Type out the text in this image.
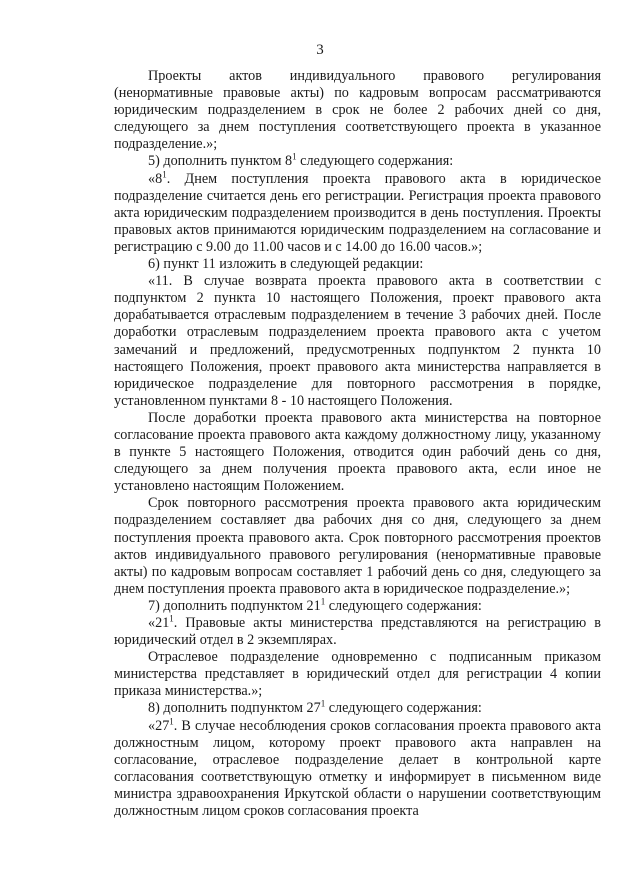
3

Проекты актов индивидуального правового регулирования (ненормативные правовые акты) по кадровым вопросам рассматриваются юридическим подразделением в срок не более 2 рабочих дней со дня, следующего за днем поступления соответствующего проекта в указанное подразделение.»;

5) дополнить пунктом $8^1$ следующего содержания:

«$8^1$. Днем поступления проекта правового акта в юридическое подразделение считается день его регистрации. Регистрация проекта правового акта юридическим подразделением производится в день поступления. Проекты правовых актов принимаются юридическим подразделением на согласование и регистрацию с 9.00 до 11.00 часов и с 14.00 до 16.00 часов.»;

6) пункт 11 изложить в следующей редакции:

«11. В случае возврата проекта правового акта в соответствии с подпунктом 2 пункта 10 настоящего Положения, проект правового акта дорабатывается отраслевым подразделением в течение 3 рабочих дней. После доработки отраслевым подразделением проекта правового акта с учетом замечаний и предложений, предусмотренных подпунктом 2 пункта 10 настоящего Положения, проект правового акта министерства направляется в юридическое подразделение для повторного рассмотрения в порядке, установленном пунктами 8 - 10 настоящего Положения.

После доработки проекта правового акта министерства на повторное согласование проекта правового акта каждому должностному лицу, указанному в пункте 5 настоящего Положения, отводится один рабочий день со дня, следующего за днем получения проекта правового акта, если иное не установлено настоящим Положением.

Срок повторного рассмотрения проекта правового акта юридическим подразделением составляет два рабочих дня со дня, следующего за днем поступления проекта правового акта. Срок повторного рассмотрения проектов актов индивидуального правового регулирования (ненормативные правовые акты) по кадровым вопросам составляет 1 рабочий день со дня, следующего за днем поступления проекта правового акта в юридическое подразделение.»;

7) дополнить подпунктом $21^1$ следующего содержания:

«$21^1$. Правовые акты министерства представляются на регистрацию в юридический отдел в 2 экземплярах.

Отраслевое подразделение одновременно с подписанным приказом министерства представляет в юридический отдел для регистрации 4 копии приказа министерства.»;

8) дополнить подпунктом $27^1$ следующего содержания:

«$27^1$. В случае несоблюдения сроков согласования проекта правового акта должностным лицом, которому проект правового акта направлен на согласование, отраслевое подразделение делает в контрольной карте согласования соответствующую отметку и информирует в письменном виде министра здравоохранения Иркутской области о нарушении соответствующим должностным лицом сроков согласования проекта
